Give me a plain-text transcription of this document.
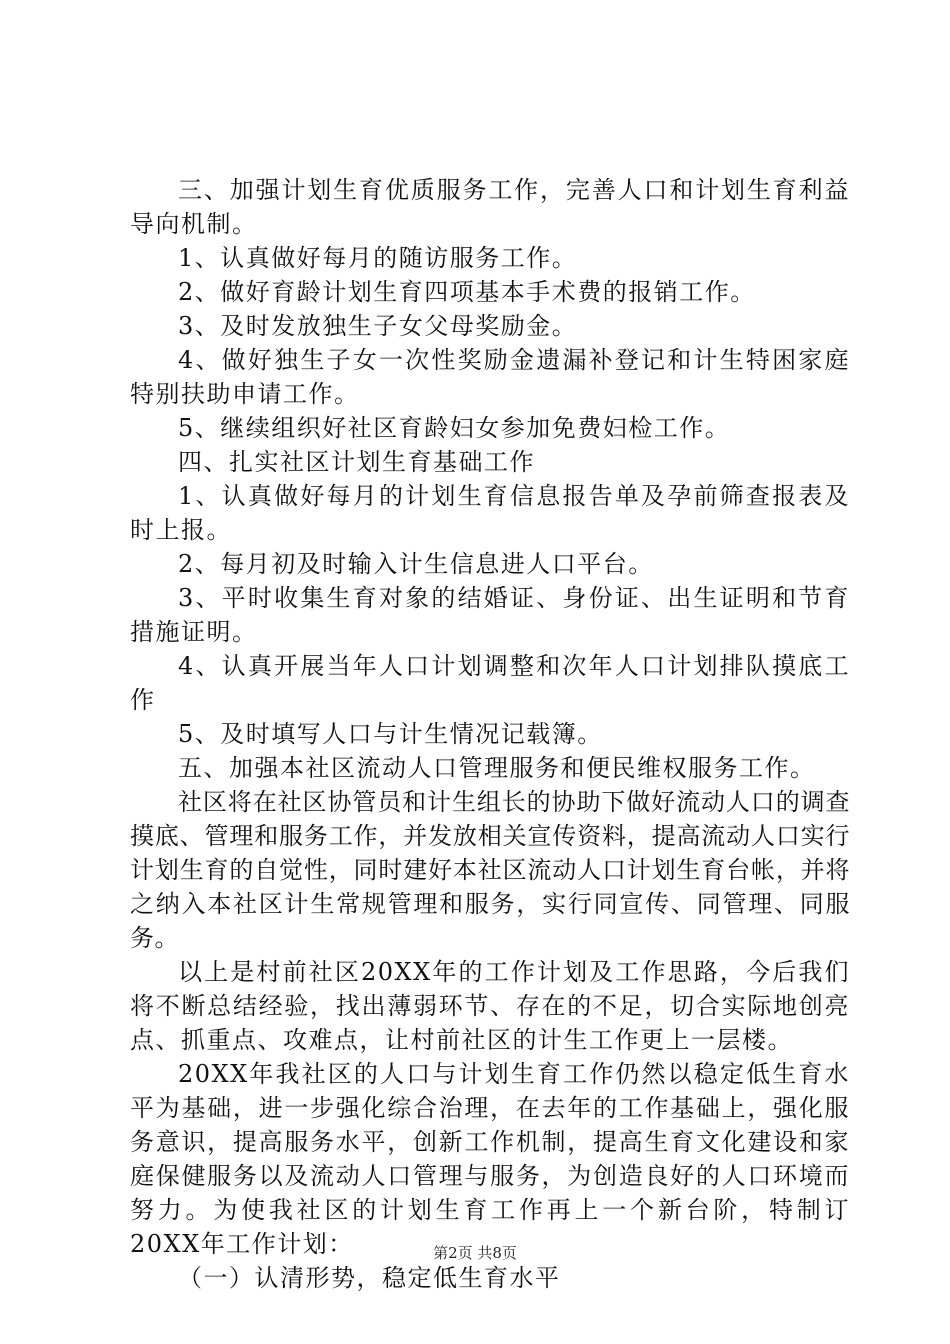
三、加强计划生育优质服务工作，完善人口和计划生育利益导向机制。

1、认真做好每月的随访服务工作。

2、做好育龄计划生育四项基本手术费的报销工作。

3、及时发放独生子女父母奖励金。

4、做好独生子女一次性奖励金遗漏补登记和计生特困家庭特别扶助申请工作。

5、继续组织好社区育龄妇女参加免费妇检工作。

四、扎实社区计划生育基础工作

1、认真做好每月的计划生育信息报告单及孕前筛查报表及时上报。

2、每月初及时输入计生信息进人口平台。

3、平时收集生育对象的结婚证、身份证、出生证明和节育措施证明。

4、认真开展当年人口计划调整和次年人口计划排队摸底工作

5、及时填写人口与计生情况记载簿。

五、加强本社区流动人口管理服务和便民维权服务工作。

社区将在社区协管员和计生组长的协助下做好流动人口的调查摸底、管理和服务工作，并发放相关宣传资料，提高流动人口实行计划生育的自觉性，同时建好本社区流动人口计划生育台帐，并将之纳入本社区计生常规管理和服务，实行同宣传、同管理、同服务。

以上是村前社区20XX年的工作计划及工作思路，今后我们将不断总结经验，找出薄弱环节、存在的不足，切合实际地创亮点、抓重点、攻难点，让村前社区的计生工作更上一层楼。

20XX年我社区的人口与计划生育工作仍然以稳定低生育水平为基础，进一步强化综合治理，在去年的工作基础上，强化服务意识，提高服务水平，创新工作机制，提高生育文化建设和家庭保健服务以及流动人口管理与服务，为创造良好的人口环境而努力。为使我社区的计划生育工作再上一个新台阶，特制订20XX年工作计划：

（一）认清形势，稳定低生育水平

第2页 共8页
